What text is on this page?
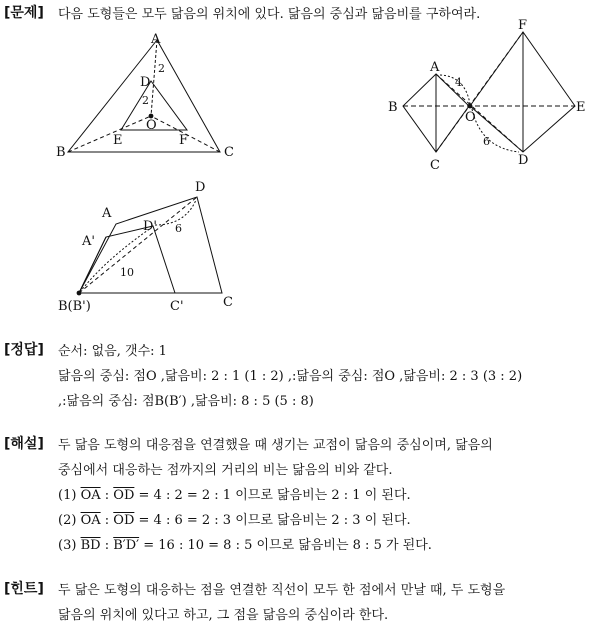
[문제] 다음 도형들은 모두 닮음의 위치에 있다. 닮음의 중심과 닮음비를 구하여라.
A
D
O
B
E	F
C
2
2
A
B
C
O
F
E
D
4
6
A
D
A'
D'
B(B')	C'	C
10
6
[정답] 순서: 없음, 갯수: 1
닮음의 중심: 점O ,닮음비: 2 : 1 (1 : 2) ,:닮음의 중심: 점O ,닮음비: 2 : 3 (3 : 2)
,:닮음의 중심: 점B(B′) ,닮음비: 8 : 5 (5 : 8)
[해설] 두 닮음 도형의 대응점을 연결했을 때 생기는 교점이 닮음의 중심이며, 닮음의
중심에서 대응하는 점까지의 거리의 비는 닮음의 비와 같다.
(1) $\overline{OA}$ : $\overline{OD} = 4$ : 2 = 2 : 1 이므로 닮음비는 2 : 1 이 된다.
(2) $\overline{OA}$ : $\overline{OD} = 4$ : 6 = 2 : 3 이므로 닮음비는 2 : 3 이 된다.
(3) $\overline{BD}$ : B′D′ = 16 : 10 = 8 : 5 이므로 닮음비는 8 : 5 가 된다.
[힌트] 두 닮은 도형의 대응하는 점을 연결한 직선이 모두 한 점에서 만날 때, 두 도형을
닮음의 위치에 있다고 하고, 그 점을 닮음의 중심이라 한다.
